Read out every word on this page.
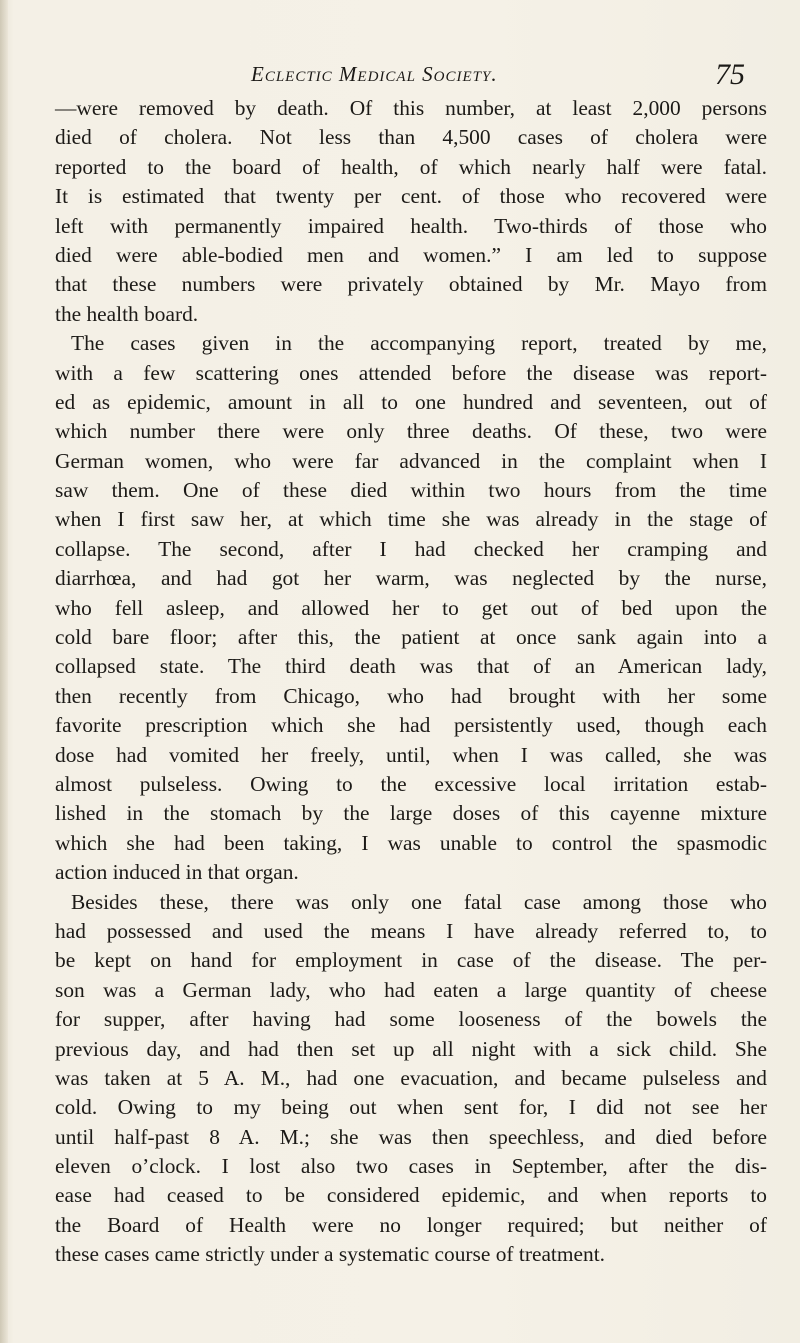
Eclectic Medical Society.	75
—were removed by death. Of this number, at least 2,000 persons
died of cholera. Not less than 4,500 cases of cholera were
reported to the board of health, of which nearly half were fatal.
It is estimated that twenty per cent. of those who recovered were
left with permanently impaired health. Two-thirds of those who
died were able-bodied men and women.” I am led to suppose
that these numbers were privately obtained by Mr. Mayo from
the health board.
The cases given in the accompanying report, treated by me,
with a few scattering ones attended before the disease was report-
ed as epidemic, amount in all to one hundred and seventeen, out of
which number there were only three deaths. Of these, two were
German women, who were far advanced in the complaint when I
saw them. One of these died within two hours from the time
when I first saw her, at which time she was already in the stage of
collapse. The second, after I had checked her cramping and
diarrhœa, and had got her warm, was neglected by the nurse,
who fell asleep, and allowed her to get out of bed upon the
cold bare floor; after this, the patient at once sank again into a
collapsed state. The third death was that of an American lady,
then recently from Chicago, who had brought with her some
favorite prescription which she had persistently used, though each
dose had vomited her freely, until, when I was called, she was
almost pulseless. Owing to the excessive local irritation estab-
lished in the stomach by the large doses of this cayenne mixture
which she had been taking, I was unable to control the spasmodic
action induced in that organ.
Besides these, there was only one fatal case among those who
had possessed and used the means I have already referred to, to
be kept on hand for employment in case of the disease. The per-
son was a German lady, who had eaten a large quantity of cheese
for supper, after having had some looseness of the bowels the
previous day, and had then set up all night with a sick child. She
was taken at 5 A. M., had one evacuation, and became pulseless and
cold. Owing to my being out when sent for, I did not see her
until half-past 8 A. M.; she was then speechless, and died before
eleven o’clock. I lost also two cases in September, after the dis-
ease had ceased to be considered epidemic, and when reports to
the Board of Health were no longer required; but neither of
these cases came strictly under a systematic course of treatment.
